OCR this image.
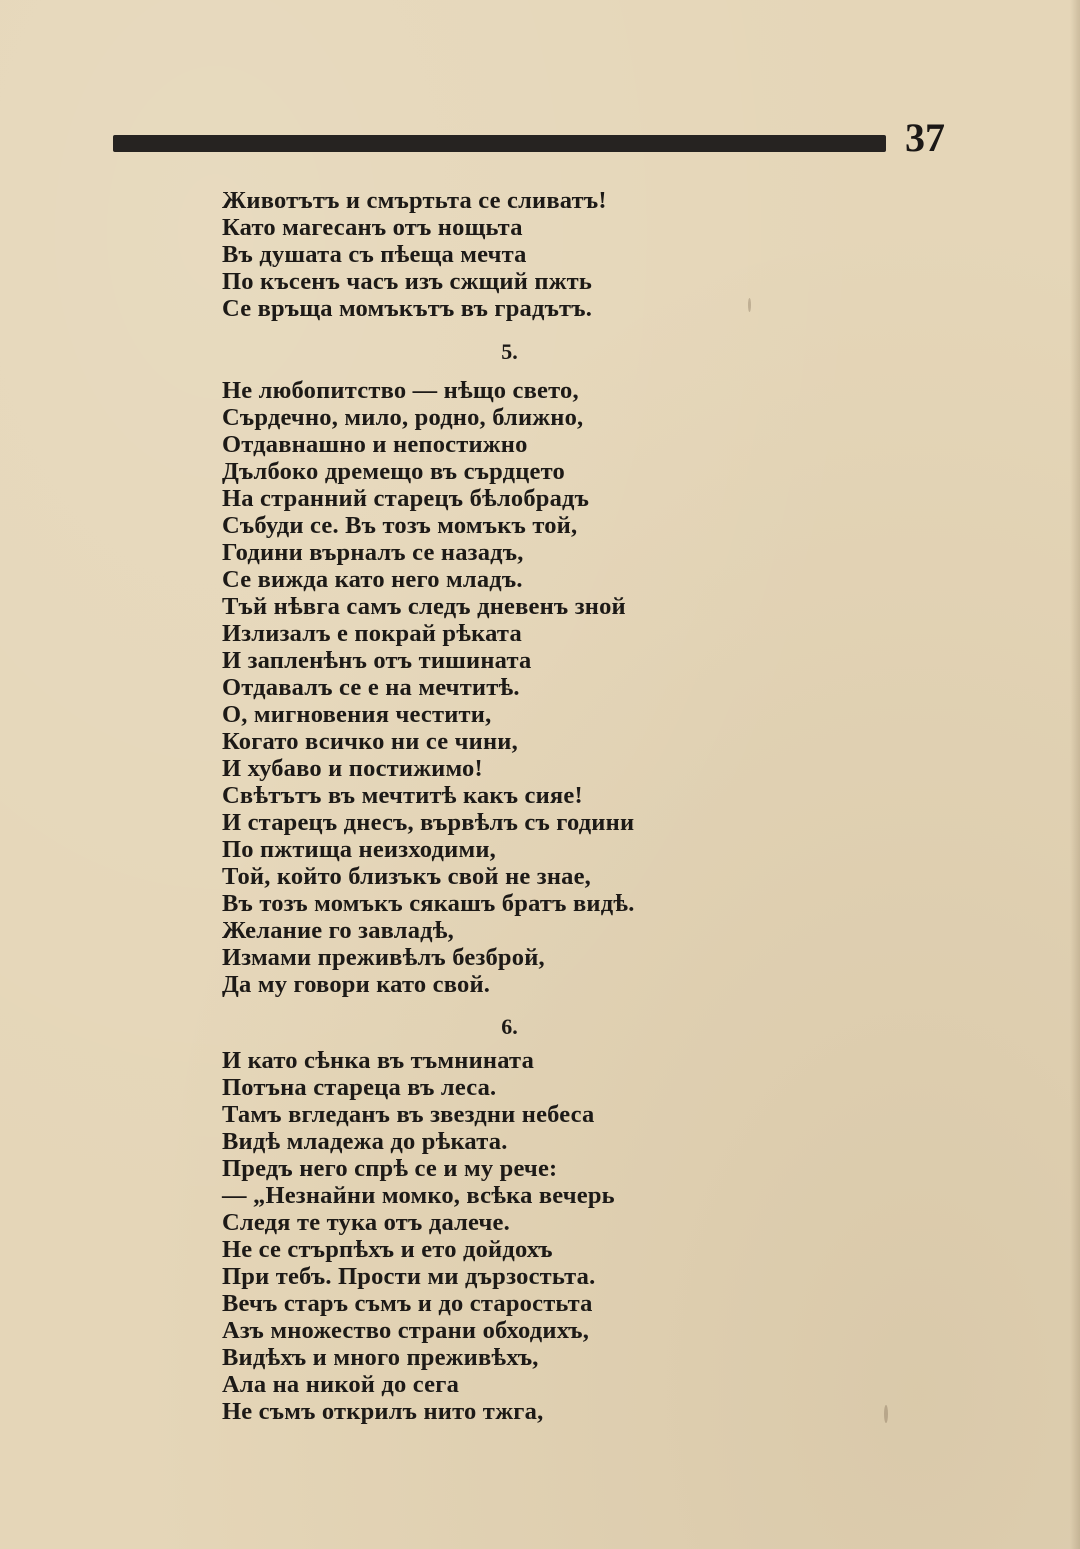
37
Животътъ и смъртьта се сливатъ!
Като магесанъ отъ нощьта
Въ душата съ пѣеща мечта
По късенъ часъ изъ сжщий пжть
Се връща момъкътъ въ градътъ.
5.
Не любопитство — нѣщо свето,
Сърдечно, мило, родно, ближно,
Отдавнашно и непостижно
Дълбоко дремещо въ сърдцето
На странний старецъ бѣлобрадъ
Събуди се. Въ тозъ момъкъ той,
Години върналъ се назадъ,
Се вижда като него младъ.
Тъй нѣвга самъ следъ дневенъ зной
Излизалъ е покрай рѣката
И запленѣнъ отъ тишината
Отдавалъ се е на мечтитѣ.
О, мигновения честити,
Когато всичко ни се чини,
И хубаво и постижимо!
Свѣтътъ въ мечтитѣ какъ сияе!
И старецъ днесъ, вървѣлъ съ години
По пжтища неизходими,
Той, който близъкъ свой не знае,
Въ тозъ момъкъ сякашъ братъ видѣ.
Желание го завладѣ,
Измами преживѣлъ безброй,
Да му говори като свой.
6.
И като сѣнка въ тъмнината
Потъна стареца въ леса.
Тамъ вгледанъ въ звездни небеса
Видѣ младежа до рѣката.
Предъ него спрѣ се и му рече:
— „Незнайни момко, всѣка вечерь
Следя те тука отъ далече.
Не се стърпѣхъ и ето дойдохъ
При тебъ. Прости ми дързостьта.
Вечъ старъ съмъ и до старостьта
Азъ множество страни обходихъ,
Видѣхъ и много преживѣхъ,
Ала на никой до сега
Не съмъ открилъ нито тжга,
